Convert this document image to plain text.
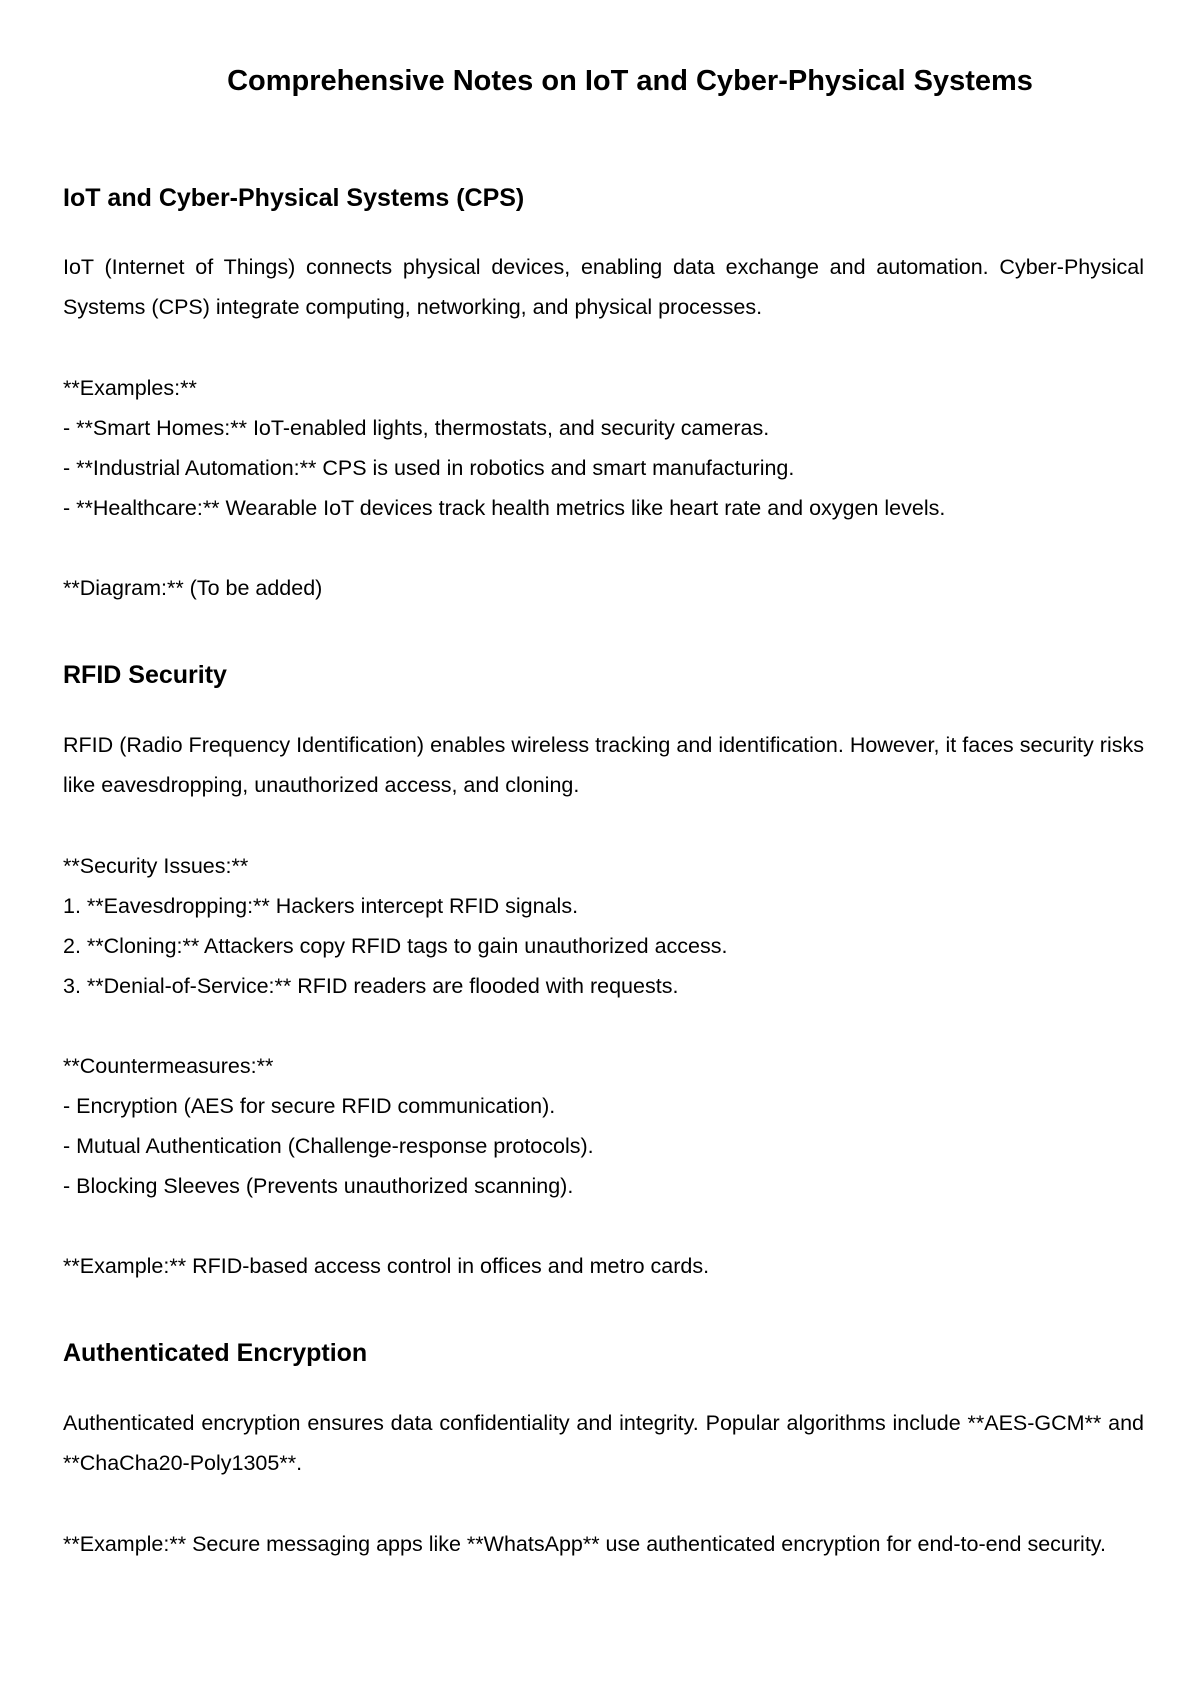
Comprehensive Notes on IoT and Cyber-Physical Systems
IoT and Cyber-Physical Systems (CPS)

IoT (Internet of Things) connects physical devices, enabling data exchange and automation. Cyber-Physical Systems (CPS) integrate computing, networking, and physical processes.

**Examples:**

- **Smart Homes:** IoT-enabled lights, thermostats, and security cameras.

- **Industrial Automation:** CPS is used in robotics and smart manufacturing.

- **Healthcare:** Wearable IoT devices track health metrics like heart rate and oxygen levels.

**Diagram:** (To be added)

RFID Security

RFID (Radio Frequency Identification) enables wireless tracking and identification. However, it faces security risks like eavesdropping, unauthorized access, and cloning.

**Security Issues:**

1. **Eavesdropping:** Hackers intercept RFID signals.

2. **Cloning:** Attackers copy RFID tags to gain unauthorized access.

3. **Denial-of-Service:** RFID readers are flooded with requests.

**Countermeasures:**

- Encryption (AES for secure RFID communication).

- Mutual Authentication (Challenge-response protocols).

- Blocking Sleeves (Prevents unauthorized scanning).

**Example:** RFID-based access control in offices and metro cards.

Authenticated Encryption

Authenticated encryption ensures data confidentiality and integrity. Popular algorithms include **AES-GCM** and **ChaCha20-Poly1305**.

**Example:** Secure messaging apps like **WhatsApp** use authenticated encryption for end-to-end security.
